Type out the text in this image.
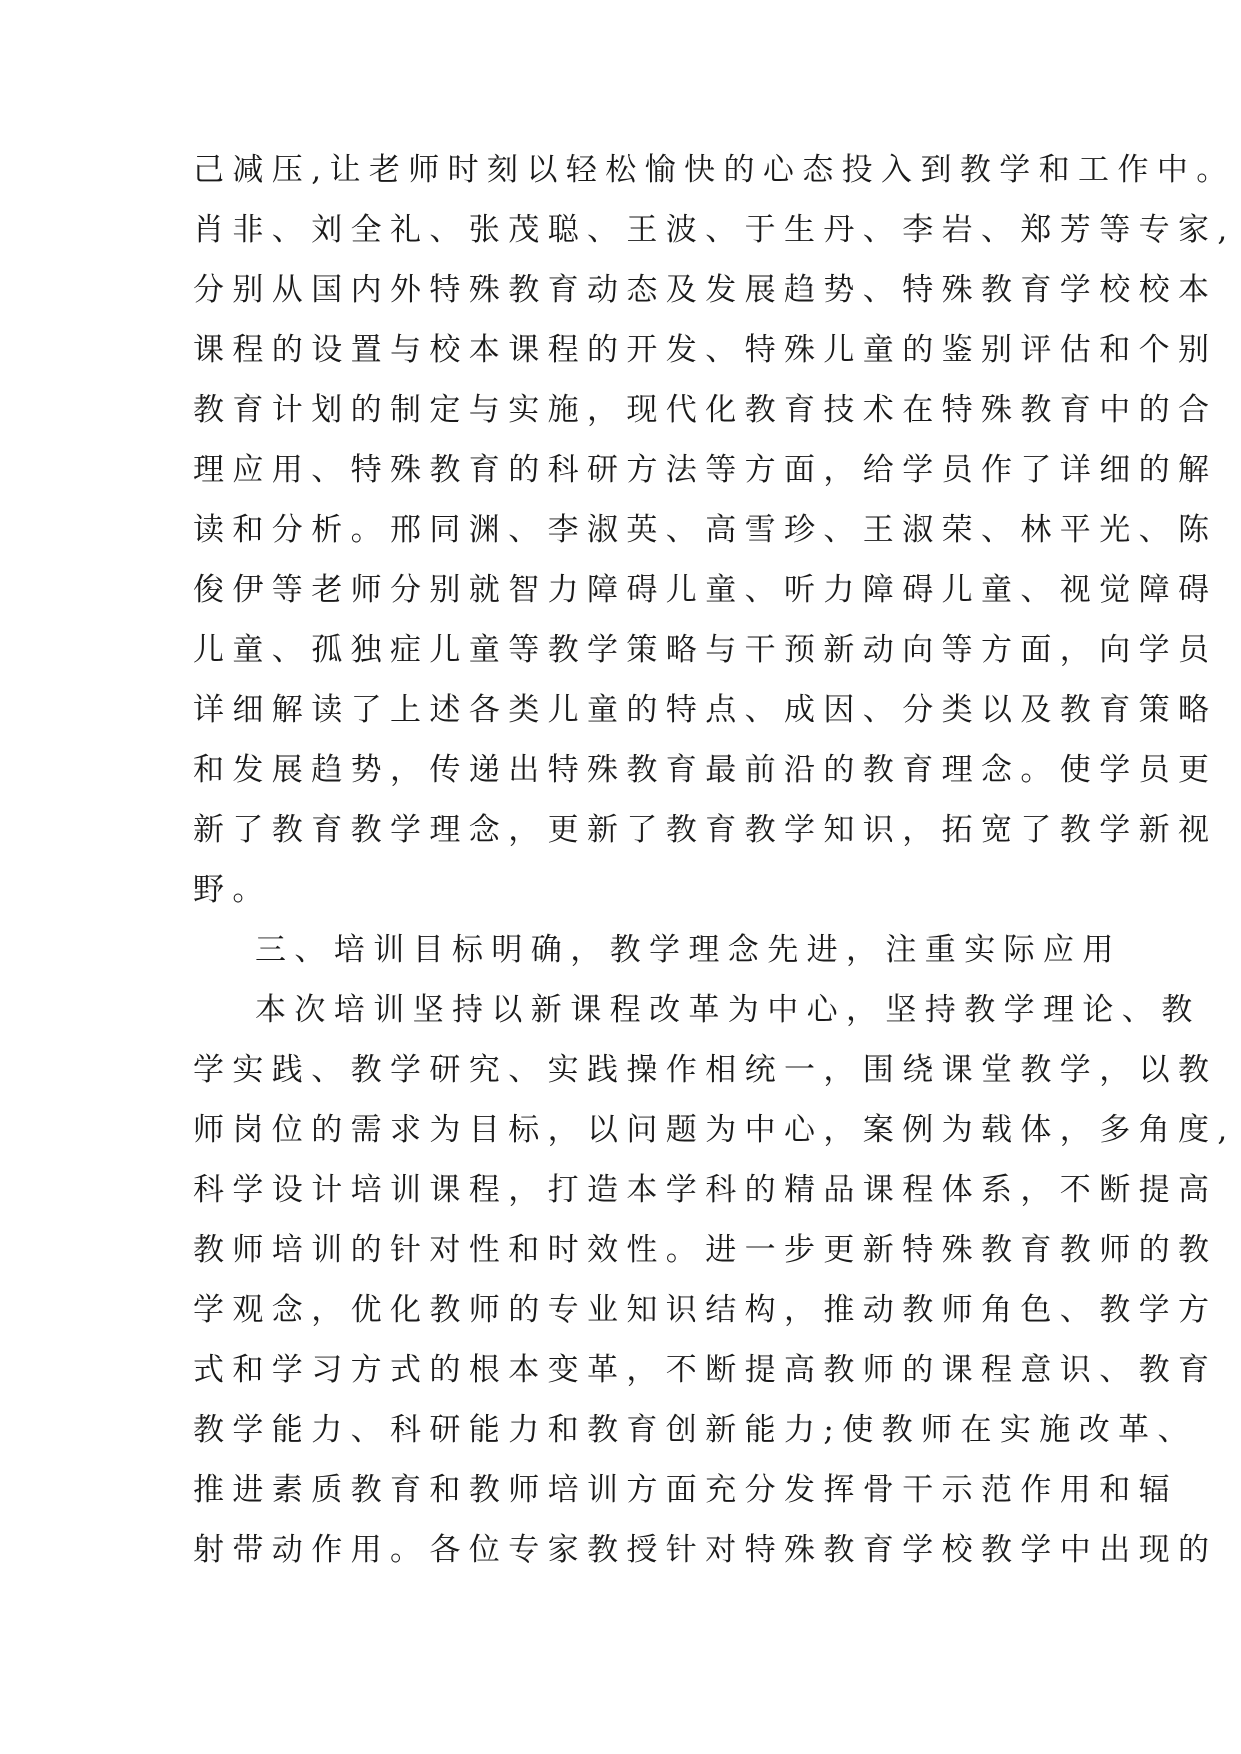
己减压,让老师时刻以轻松愉快的心态投入到教学和工作中。
肖非、刘全礼、张茂聪、王波、于生丹、李岩、郑芳等专家,
分别从国内外特殊教育动态及发展趋势、特殊教育学校校本
课程的设置与校本课程的开发、特殊儿童的鉴别评估和个别
教育计划的制定与实施，现代化教育技术在特殊教育中的合
理应用、特殊教育的科研方法等方面，给学员作了详细的解
读和分析。邢同渊、李淑英、高雪珍、王淑荣、林平光、陈
俊伊等老师分别就智力障碍儿童、听力障碍儿童、视觉障碍
儿童、孤独症儿童等教学策略与干预新动向等方面，向学员
详细解读了上述各类儿童的特点、成因、分类以及教育策略
和发展趋势，传递出特殊教育最前沿的教育理念。使学员更
新了教育教学理念，更新了教育教学知识，拓宽了教学新视
野。
三、培训目标明确，教学理念先进，注重实际应用
本次培训坚持以新课程改革为中心，坚持教学理论、教
学实践、教学研究、实践操作相统一，围绕课堂教学，以教
师岗位的需求为目标，以问题为中心，案例为载体，多角度,
科学设计培训课程，打造本学科的精品课程体系，不断提高
教师培训的针对性和时效性。进一步更新特殊教育教师的教
学观念，优化教师的专业知识结构，推动教师角色、教学方
式和学习方式的根本变革，不断提高教师的课程意识、教育
教学能力、科研能力和教育创新能力;使教师在实施改革、
推进素质教育和教师培训方面充分发挥骨干示范作用和辐
射带动作用。各位专家教授针对特殊教育学校教学中出现的
